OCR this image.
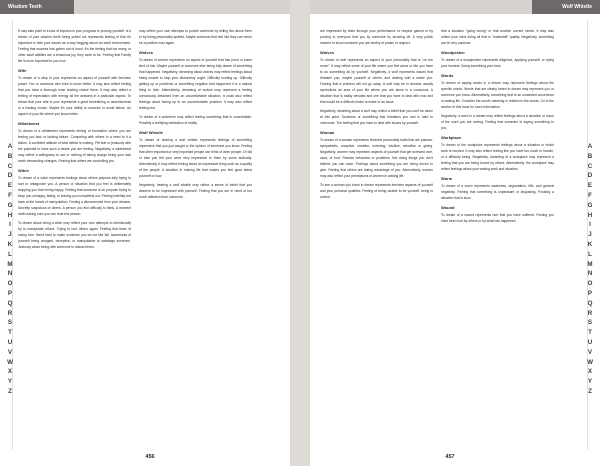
Wisdom Teeth
A
B
C
D
E
F
G
H
I
J
K
L
M
N
O
P
Q
R
S
T
U
V
W
X
Y
Z

It may also point to a loss of impetus in your progress to proving yourself. Is it dream of your wisdom teeth being pulled out represents feeling of that it's important to hide your issues as a way begging about an adult environment. Feeling that success has gotten out of hand. It's the feeling that too many, or other adult abilities are a tenacious joy, they seek to be. Feeling that Family life is more important to you now.

Wife

To dream of a wisp in your represents an aspect of yourself with feminine power. You or someone who tries to know better. It may also reflect feeling that you have a thorough inner leading choice there. It may also reflect a feeling of expectation with energy all the answers in a particular aspect. To dream that your wife is your represents a great beneathing or assertiveness in a leading choice. Maybe it's your ability to succeed or avoid failure. An aspect of your life where you know better.

Wildebeest

To dream of a wildebeest represents feeling of frustration where you are feeling you lack or lacking failure. Competing with others in a need to it a failure. A confident attitude of total defeat is making. Pitt fear or jealously with the potential to have such a desire you are feeling. Negatively, a wildebeest may reflect a willingness to use or nothing of taking charge being your lack worth demanding changes. Fearing that others are controlling you.

Witch

To dream of a witch represents feelings about others purpose-fully trying to hurt or antagonize you. A person or situation that you feel is deliberately stopping you from being happy. Feeling that someone is on purpose trying to keep you unhappy, failing, or leaving you completely out. Feeling hatefully led back at the hands of manipulation. Feeling a disconnected from your dreams. Secretly suspicious of others. A person you find difficulty to flank. A moment draft making sure you can trust this person.

To dream about being a witch may reflect your own attempts to intentionally try to manipulate others. Trying to hurt others again. Feeling that fears of losing love. Need hard to make someone you do not like fail. Awareness of yourself being arrogant, deceptive, or manipulative to sabotage someone. Jealousy about being with someone to distract them.

may reflect your own attempts to punish someone by telling lies about them or by being perpetually spiteful. Maybe someone that feel like they can never be a positive man again.

Wolves

To dream of wolves represents an aspect of yourself that has proof or some kind of risk. Maybe yourself or someone else being fully aware of something that happened. Negatively, dreaming about wolves may reflect feelings about being unable to stop your dishonesty ought. Difficulty hunting up. Difficulty getting up or problems or something negative that happened it is a natural thing to hide. Alternatively, dreaming of wolves may represent a feeling consciously detached from an uncomfortable situation. It could also reflect feelings about facing up to an uncomfortable problem. It may also reflect feeling lost.

To dream of a wolverine may reflect feeling something that is unavoidable. Possibly a terrifying realization of reality.

Wolf Whistle

To dream of hearing a wolf whistle represents feelings of something impressive that you just caught or the opinion of someone you know. Feeling that other important or very important people can think of other people. Or did or else you felt your were very impressive to them by some authority. Alternatively, it may reflect feeling about an impressive thing such as a quality of the people. A situation in making life that makes you feel good about yourself or how.

Negatively, hearing a wolf whistle may reflect a sense of belief that you deserve to be impressed with yourself. Feeling that you are in need of too much attention from someone.

456
Wolf Whistle
A
B
C
D
E
F
G
H
I
J
K
L
M
N
O
P
Q
R
S
T
U
V
W
X
Y
Z

are impressed by them through your performance or respect gained or by proving to everyone that you by someone by showing off. A very public manner to show someone you are worthy of praise or respect.

Wolves

To dream of wolf represents an aspect of your personality that is "on the move". It may reflect some of your life where you feel alone or like you have to do something all by yourself. Negatively, a wolf represents issues that threaten you, maybe yourself or others, and dealing with a whole you. Fearing that a problem will not go away. A wolf may be in dreams usually symbolizes an area of your life where you are alone in a conscious. A situation that is totally devoted and one that you have to deal with now and that would be a difficult choice to make or an issue.

Negatively, dreaming about a wolf may reflect a belief that you can't be alone at this point. Someone or something that threatens you and is hard to overcome. The feeling that you have to deal with issues by yourself.

Woman

To dream of a woman represents feminine personality traits that are passive, sympathetic, receptive, creative, nurturing, intuitive, sensitive or giving. Negatively, women may represent aspects of yourself that get screwed over, used, or hurt. Passive behaviors or problems. Not doing things you don't believe you can have. Feelings about something you are being forced to give. Feeling that others are taking advantage of you. Alternatively, women may also reflect your perceptions of women in waking life.

To see a woman you know in dream represents feminine aspects of yourself and your personal qualities. Feeling of being unable to be yourself, being in control.

that a situation "going wrong" or that another current needs. It may also reflect your mind doing all that is "makeshift" quality. Negatively, something you're very cautious.

Woodpecker

To dream of a woodpecker represents diligence, applying yourself, or trying your hardest. Doing something your best.

Words

To dream of saying words in a dream may represent feelings about the specific words. Words that are clearly heard in dream may represent you or someone you know. Alternatively, something that is an unwanted occurrence in waking life. Consider the word's meaning in relation to the words. Go to the section of this book for more information.

Negatively, a word in a dream may reflect feelings about a situation or issue of the word you are seeing. Feeling that someone is saying something to you.

Workplace

To dream of the workplace represents feelings about a situation in which work is needed. It may also reflect feeling like you have too much to handle, or a difficulty being. Negatively, dreaming of a workplace may represent a feeling that you are being forced by others. Alternatively, the workplace may reflect feelings about your waking work and situation.

Worm

To dream of a worm represents weakness, degradation, filth, and general negativity. Feeling that something is unpleasant or disgusting. Possibly a situation that is slow.

Wound

To dream of a wound represents hurt that you have suffered. Feeling you have been hurt by others or by what has happened.

457
